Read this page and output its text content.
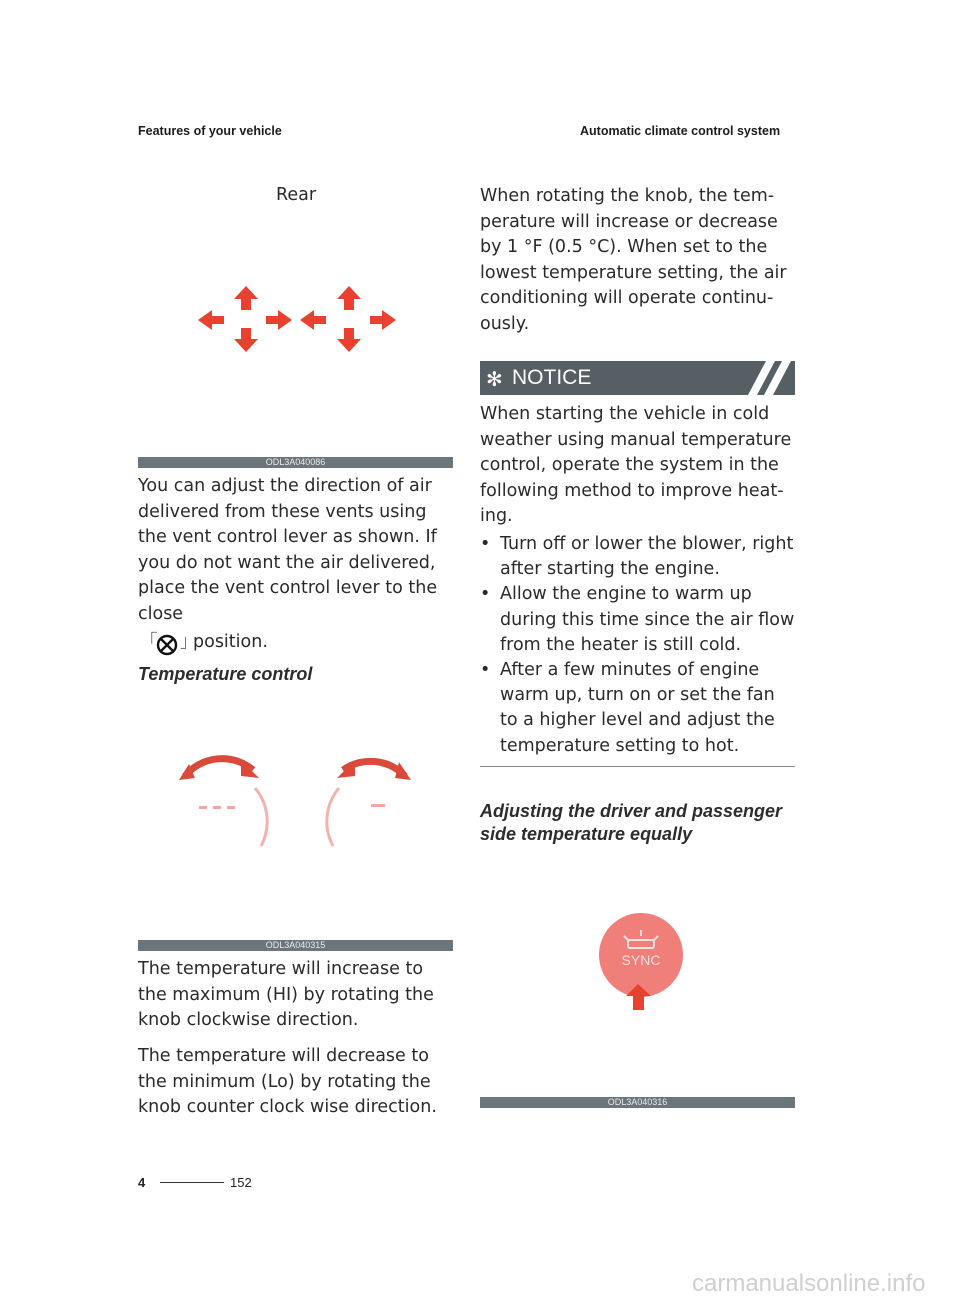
Features of your vehicle	Automatic climate control system
Rear
ODL3A040086

You can adjust the direction of air delivered from these vents using the vent control lever as shown. If you do not want the air delivered, place the vent control lever to the close

「 」
position.
Temperature control
ODL3A040315

The temperature will increase to the maximum (HI) by rotating the knob clockwise direction.

The temperature will decrease to the minimum (Lo) by rotating the knob counter clock wise direction.

When rotating the knob, the temperature will increase or decrease by 1 °F (0.5 °C). When set to the lowest temperature setting, the air conditioning will operate continuously.

✻ NOTICE

When starting the vehicle in cold weather using manual temperature control, operate the system in the following method to improve heating.

• Turn off or lower the blower, right after starting the engine.
• Allow the engine to warm up during this time since the air flow from the heater is still cold.
• After a few minutes of engine warm up, turn on or set the fan to a higher level and adjust the temperature setting to hot.

Adjusting the driver and passenger side temperature equally

SYNC
ODL3A040316
4	152
carmanualsonline.info
